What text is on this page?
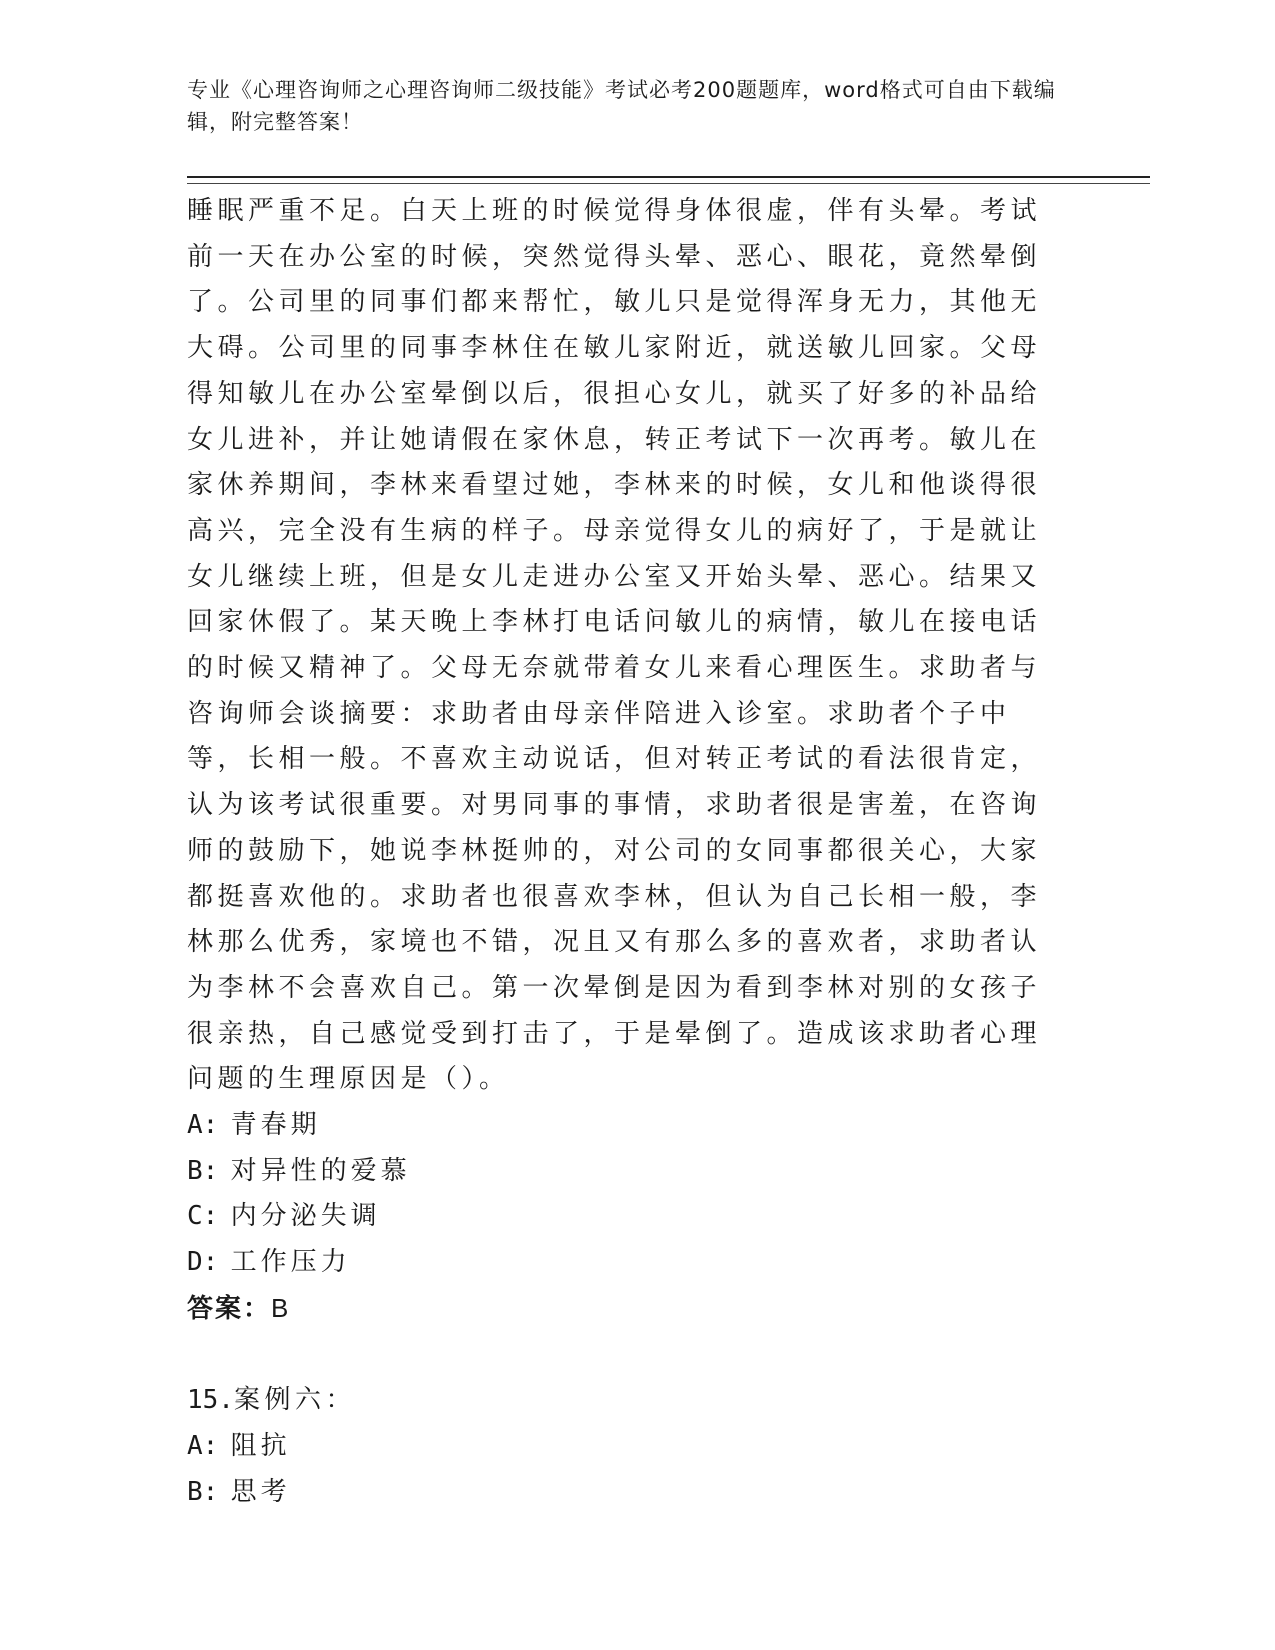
专业《心理咨询师之心理咨询师二级技能》考试必考200题题库，word格式可自由下载编辑，附完整答案！

睡眠严重不足。白天上班的时候觉得身体很虚，伴有头晕。考试前一天在办公室的时候，突然觉得头晕、恶心、眼花，竟然晕倒了。公司里的同事们都来帮忙，敏儿只是觉得浑身无力，其他无大碍。公司里的同事李林住在敏儿家附近，就送敏儿回家。父母得知敏儿在办公室晕倒以后，很担心女儿，就买了好多的补品给女儿进补，并让她请假在家休息，转正考试下一次再考。敏儿在家休养期间，李林来看望过她，李林来的时候，女儿和他谈得很高兴，完全没有生病的样子。母亲觉得女儿的病好了，于是就让女儿继续上班，但是女儿走进办公室又开始头晕、恶心。结果又回家休假了。某天晚上李林打电话问敏儿的病情，敏儿在接电话的时候又精神了。父母无奈就带着女儿来看心理医生。求助者与咨询师会谈摘要：求助者由母亲伴陪进入诊室。求助者个子中等，长相一般。不喜欢主动说话，但对转正考试的看法很肯定，认为该考试很重要。对男同事的事情，求助者很是害羞，在咨询师的鼓励下，她说李林挺帅的，对公司的女同事都很关心，大家都挺喜欢他的。求助者也很喜欢李林，但认为自己长相一般，李林那么优秀，家境也不错，况且又有那么多的喜欢者，求助者认为李林不会喜欢自己。第一次晕倒是因为看到李林对别的女孩子很亲热，自己感觉受到打击了，于是晕倒了。造成该求助者心理问题的生理原因是（）。

A: 青春期
B: 对异性的爱慕
C: 内分泌失调
D: 工作压力
答案：B
15.案例六：
A: 阻抗
B: 思考
